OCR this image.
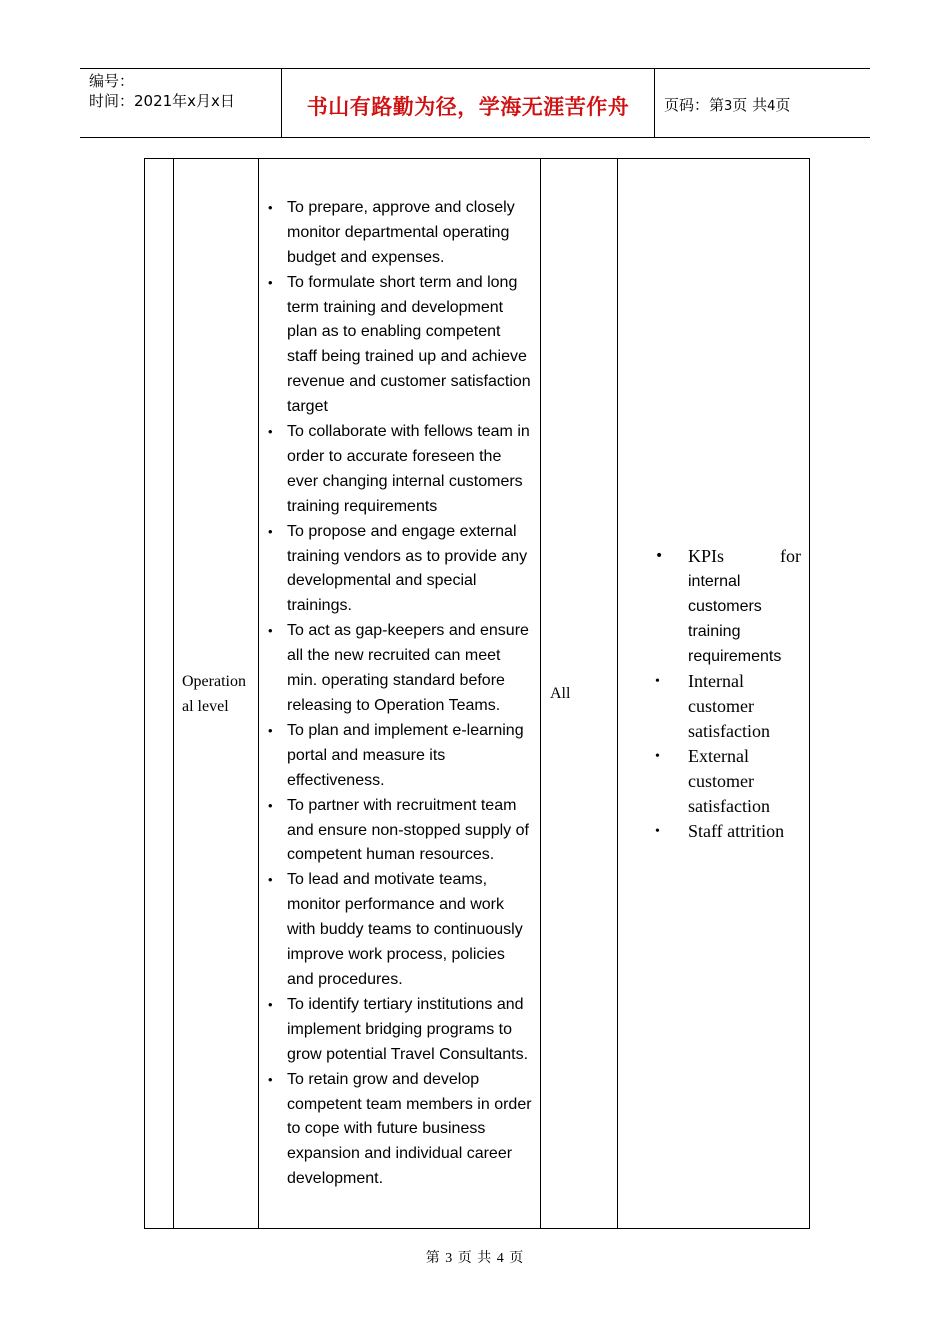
编号：
时间：2021年x月x日	书山有路勤为径，学海无涯苦作舟	页码：第3页 共4页

Operation
al level

• To prepare, approve and closely monitor departmental operating budget and expenses.
• To formulate short term and long term training and development plan as to enabling competent staff being trained up and achieve revenue and customer satisfaction target
• To collaborate with fellows team in order to accurate foreseen the ever changing internal customers training requirements
• To propose and engage external training vendors as to provide any developmental and special trainings.
• To act as gap-keepers and ensure all the new recruited can meet min. operating standard before releasing to Operation Teams.
• To plan and implement e-learning portal and measure its effectiveness.
• To partner with recruitment team and ensure non-stopped supply of competent human resources.
• To lead and motivate teams, monitor performance and work with buddy teams to continuously improve work process, policies and procedures.
• To identify tertiary institutions and implement bridging programs to grow potential Travel Consultants.
• To retain grow and develop competent team members in order to cope with future business expansion and individual career development.

All

• KPIs	for
internal customers training requirements
• Internal customer satisfaction
• External customer satisfaction
• Staff attrition
第 3 页 共 4 页
